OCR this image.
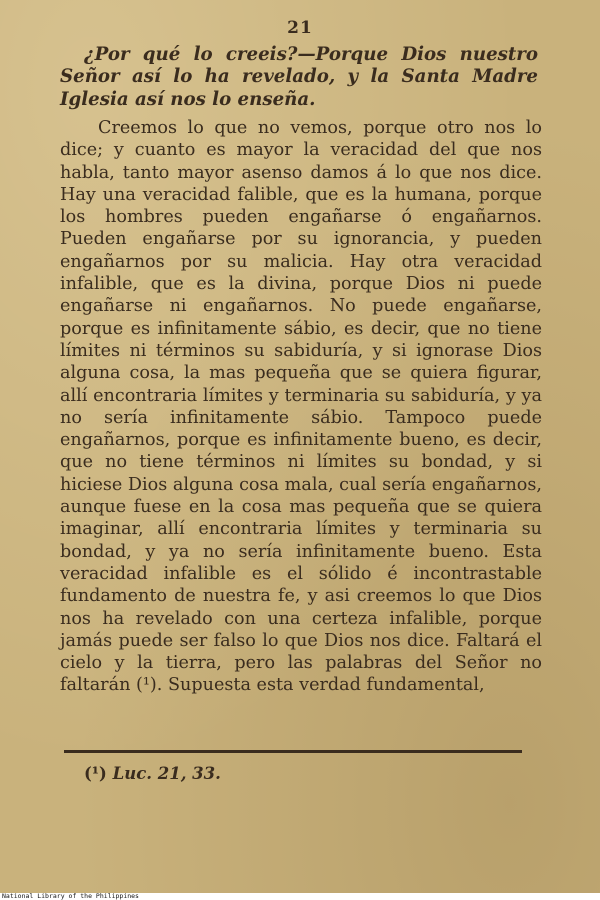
21

¿Por qué lo creeis?—Porque Dios nuestro Señor así lo ha revelado, y la Santa Madre Iglesia así nos lo enseña.

Creemos lo que no vemos, porque otro nos lo dice; y cuanto es mayor la veracidad del que nos habla, tanto mayor asenso damos á lo que nos dice. Hay una veracidad falible, que es la humana, porque los hombres pueden engañarse ó engañarnos. Pueden engañarse por su ignorancia, y pueden engañarnos por su malicia. Hay otra veracidad infalible, que es la divina, porque Dios ni puede engañarse ni engañarnos. No puede engañarse, porque es infinitamente sábio, es decir, que no tiene límites ni términos su sabiduría, y si ignorase Dios alguna cosa, la mas pequeña que se quiera figurar, allí encontraria límites y terminaria su sabiduría, y ya no sería infinitamente sábio. Tampoco puede engañarnos, porque es infinitamente bueno, es decir, que no tiene términos ni límites su bondad, y si hiciese Dios alguna cosa mala, cual sería engañarnos, aunque fuese en la cosa mas pequeña que se quiera imaginar, allí encontraria límites y terminaria su bondad, y ya no sería infinitamente bueno. Esta veracidad infalible es el sólido é incontrastable fundamento de nuestra fe, y asi creemos lo que Dios nos ha revelado con una certeza infalible, porque jamás puede ser falso lo que Dios nos dice. Faltará el cielo y la tierra, pero las palabras del Señor no faltarán (¹). Supuesta esta verdad fundamental,

(¹) Luc. 21, 33.

National Library of the Philippines
